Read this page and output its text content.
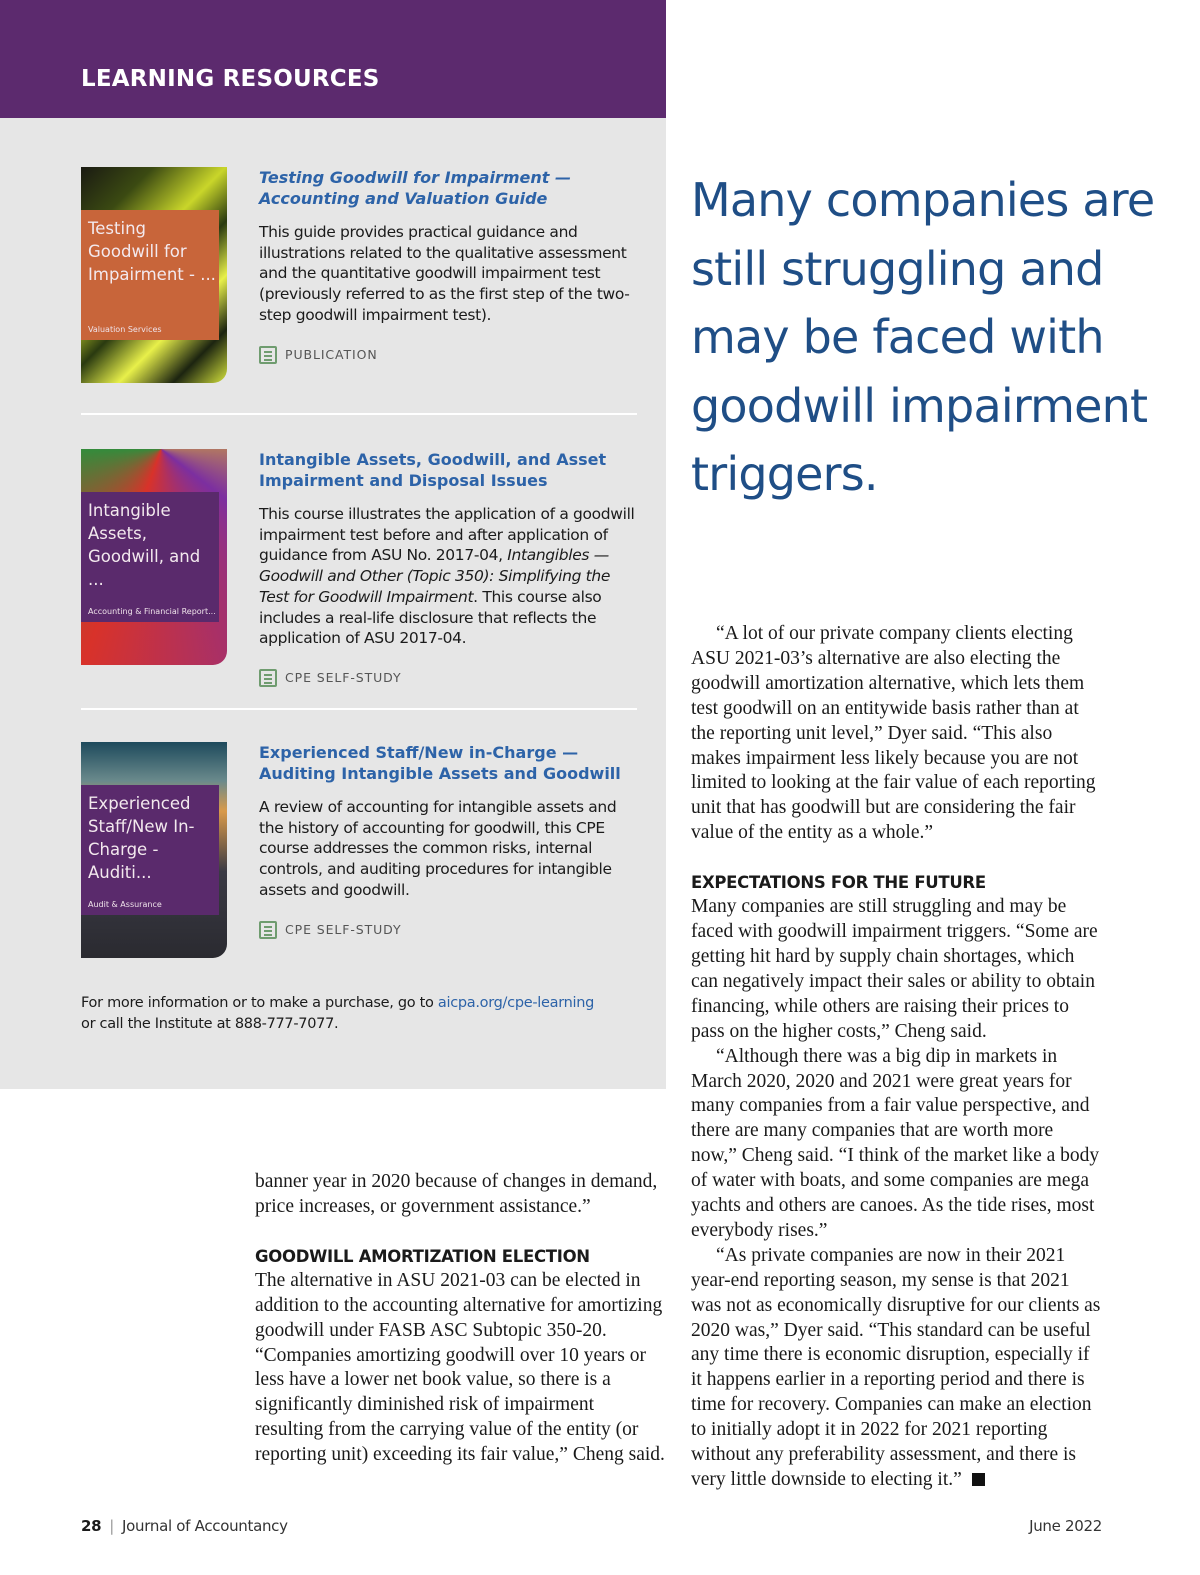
LEARNING RESOURCES
Testing Goodwill for Impairment - ...
Valuation Services
Testing Goodwill for Impairment — Accounting and Valuation Guide
This guide provides practical guidance and illustrations related to the qualitative assessment and the quantitative goodwill impairment test (previously referred to as the first step of the two-step goodwill impairment test).
PUBLICATION
Intangible Assets, Goodwill, and ...
Accounting & Financial Report...
Intangible Assets, Goodwill, and Asset Impairment and Disposal Issues
This course illustrates the application of a goodwill impairment test before and after application of guidance from ASU No. 2017-04, Intangibles — Goodwill and Other (Topic 350): Simplifying the Test for Goodwill Impairment. This course also includes a real-life disclosure that reflects the application of ASU 2017-04.
CPE SELF-STUDY
Experienced Staff/New In-Charge - Auditi...
Audit & Assurance
Experienced Staff/New in-Charge — Auditing Intangible Assets and Goodwill
A review of accounting for intangible assets and the history of accounting for goodwill, this CPE course addresses the common risks, internal controls, and auditing procedures for intangible assets and goodwill.
CPE SELF-STUDY
For more information or to make a purchase, go to aicpa.org/cpe-learning
or call the Institute at 888-777-7077.
Many companies are still struggling and may be faced with goodwill impairment triggers.

banner year in 2020 because of changes in demand, price increases, or government assistance.”

GOODWILL AMORTIZATION ELECTION

The alternative in ASU 2021-03 can be elected in addition to the accounting alternative for amortizing goodwill under FASB ASC Subtopic 350-20. “Companies amortizing goodwill over 10 years or less have a lower net book value, so there is a significantly diminished risk of impairment resulting from the carrying value of the entity (or reporting unit) exceeding its fair value,” Cheng said.

“A lot of our private company clients electing ASU 2021-03’s alternative are also electing the goodwill amortization alternative, which lets them test goodwill on an entitywide basis rather than at the reporting unit level,” Dyer said. “This also makes impairment less likely because you are not limited to looking at the fair value of each reporting unit that has goodwill but are considering the fair value of the entity as a whole.”

EXPECTATIONS FOR THE FUTURE

Many companies are still struggling and may be faced with goodwill impairment triggers. “Some are getting hit hard by supply chain shortages, which can negatively impact their sales or ability to obtain financing, while others are raising their prices to pass on the higher costs,” Cheng said.

“Although there was a big dip in markets in March 2020, 2020 and 2021 were great years for many companies from a fair value perspective, and there are many companies that are worth more now,” Cheng said. “I think of the market like a body of water with boats, and some companies are mega yachts and others are canoes. As the tide rises, most everybody rises.”

“As private companies are now in their 2021 year-end reporting season, my sense is that 2021 was not as economically disruptive for our clients as 2020 was,” Dyer said. “This standard can be useful any time there is economic disruption, especially if it happens earlier in a reporting period and there is time for recovery. Companies can make an election to initially adopt it in 2022 for 2021 reporting without any preferability assessment, and there is very little downside to electing it.”

28 | Journal of Accountancy	June 2022
